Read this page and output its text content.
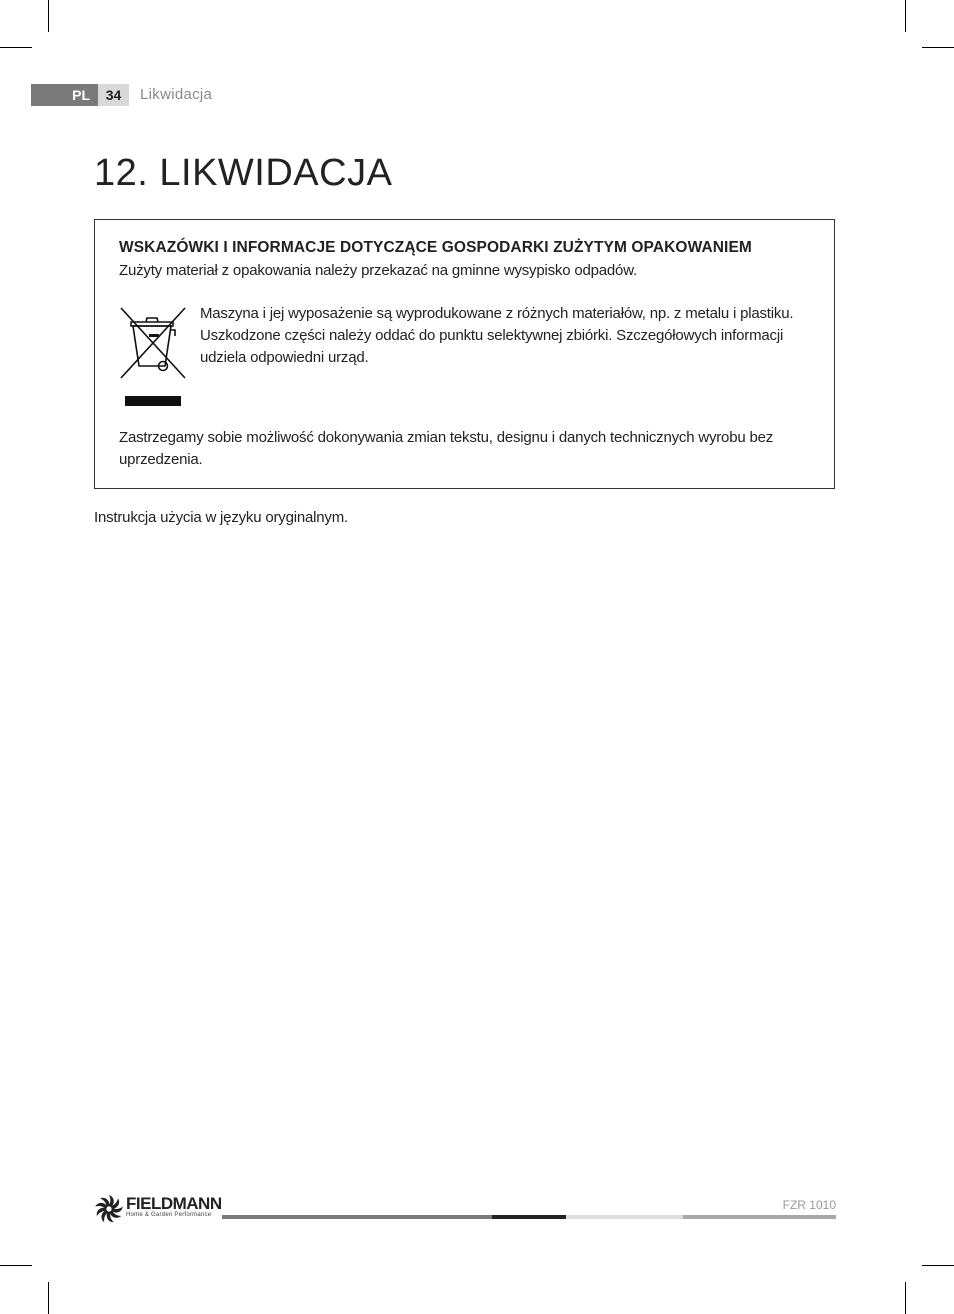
PL	34	Likwidacja
12. LIKWIDACJA
WSKAZÓWKI I INFORMACJE DOTYCZĄCE GOSPODARKI ZUŻYTYM OPAKOWANIEM
Zużyty materiał z opakowania należy przekazać na gminne wysypisko odpadów.
Maszyna i jej wyposażenie są wyprodukowane z różnych materiałów, np. z metalu i plastiku.
Uszkodzone części należy oddać do punktu selektywnej zbiórki. Szczegółowych informacji
udziela odpowiedni urząd.
Zastrzegamy sobie możliwość dokonywania zmian tekstu, designu i danych technicznych wyrobu bez
uprzedzenia.
Instrukcja użycia w języku oryginalnym.
FIELDMANN
Home & Garden Performance
FZR 1010
